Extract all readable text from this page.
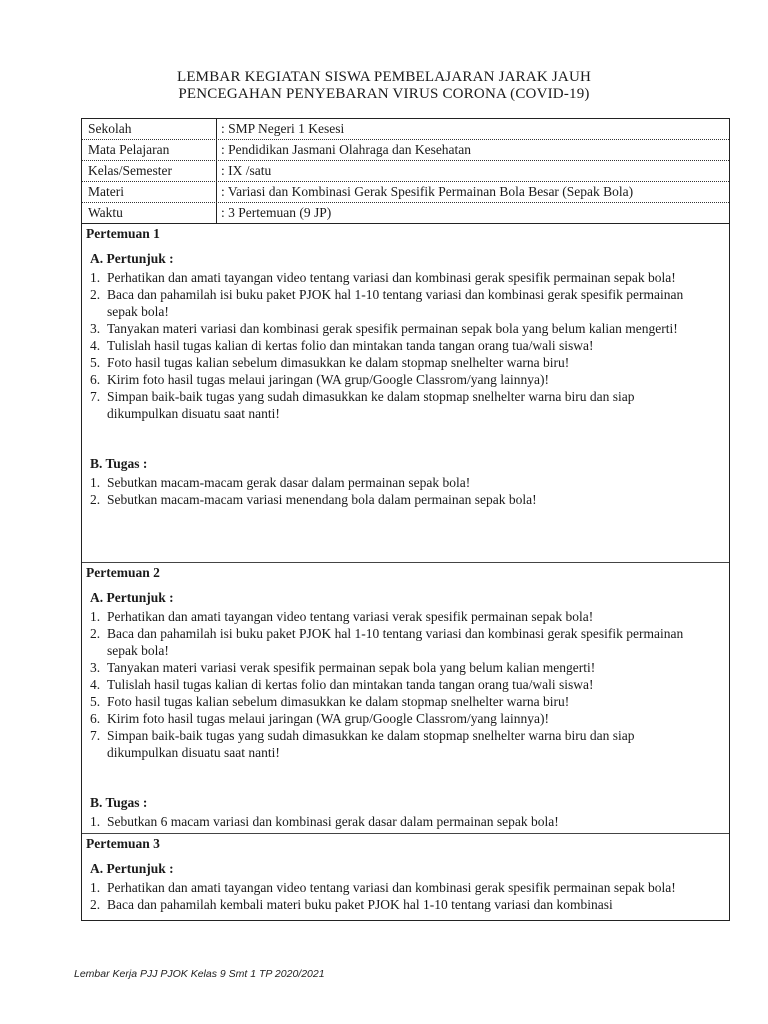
LEMBAR KEGIATAN SISWA PEMBELAJARAN JARAK JAUH
PENCEGAHAN PENYEBARAN VIRUS CORONA (COVID-19)
Sekolah	: SMP Negeri 1 Kesesi
Mata Pelajaran	: Pendidikan Jasmani Olahraga dan Kesehatan
Kelas/Semester	: IX /satu
Materi	: Variasi dan Kombinasi Gerak Spesifik Permainan Bola Besar (Sepak Bola)
Waktu	: 3 Pertemuan (9 JP)
Pertemuan 1
A. Pertunjuk :
1. Perhatikan dan amati tayangan video tentang variasi dan kombinasi gerak spesifik permainan sepak bola!
2. Baca dan pahamilah isi buku paket PJOK hal 1-10 tentang variasi dan kombinasi gerak spesifik permainan sepak bola!
3. Tanyakan materi variasi dan kombinasi gerak spesifik permainan sepak bola yang belum kalian mengerti!
4. Tulislah hasil tugas kalian di kertas folio dan mintakan tanda tangan orang tua/wali siswa!
5. Foto hasil tugas kalian sebelum dimasukkan ke dalam stopmap snelhelter warna biru!
6. Kirim foto hasil tugas melaui jaringan (WA grup/Google Classrom/yang lainnya)!
7. Simpan baik-baik tugas yang sudah dimasukkan ke dalam stopmap snelhelter warna biru dan siap dikumpulkan disuatu saat nanti!
B. Tugas :
1. Sebutkan macam-macam gerak dasar dalam permainan sepak bola!
2. Sebutkan macam-macam variasi menendang bola dalam permainan sepak bola!
Pertemuan 2
A. Pertunjuk :
1. Perhatikan dan amati tayangan video tentang variasi verak spesifik permainan sepak bola!
2. Baca dan pahamilah isi buku paket PJOK hal 1-10 tentang variasi dan kombinasi gerak spesifik permainan sepak bola!
3. Tanyakan materi variasi verak spesifik permainan sepak bola yang belum kalian mengerti!
4. Tulislah hasil tugas kalian di kertas folio dan mintakan tanda tangan orang tua/wali siswa!
5. Foto hasil tugas kalian sebelum dimasukkan ke dalam stopmap snelhelter warna biru!
6. Kirim foto hasil tugas melaui jaringan (WA grup/Google Classrom/yang lainnya)!
7. Simpan baik-baik tugas yang sudah dimasukkan ke dalam stopmap snelhelter warna biru dan siap dikumpulkan disuatu saat nanti!
B. Tugas :
1. Sebutkan 6 macam variasi dan kombinasi gerak dasar dalam permainan sepak bola!
Pertemuan 3
A. Pertunjuk :
1. Perhatikan dan amati tayangan video tentang variasi dan kombinasi gerak spesifik permainan sepak bola!
2. Baca dan pahamilah kembali materi buku paket PJOK hal 1-10 tentang variasi dan kombinasi
Lembar Kerja PJJ PJOK Kelas 9 Smt 1 TP 2020/2021
